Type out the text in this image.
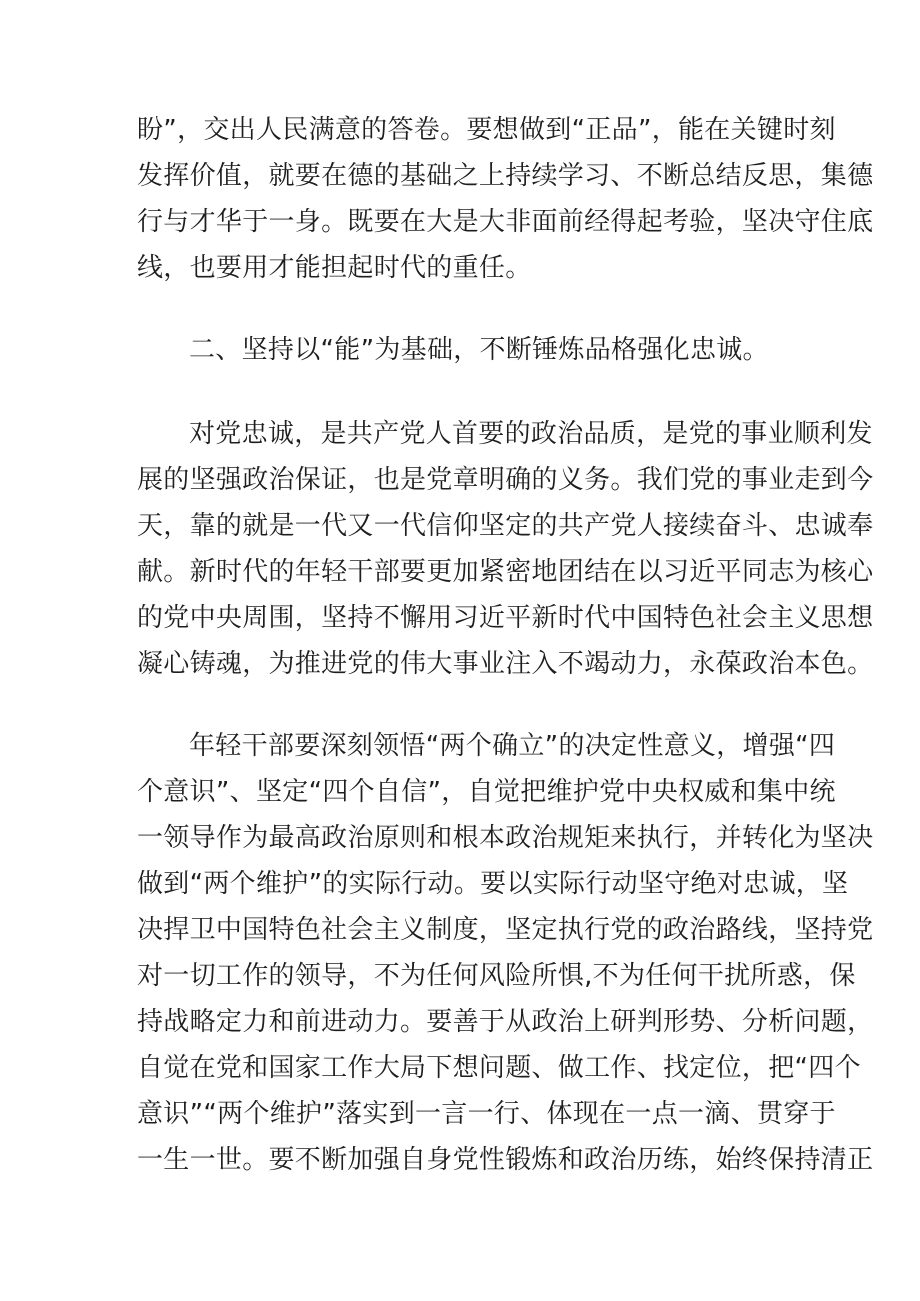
盼”，交出人民满意的答卷。要想做到“正品”，能在关键时刻
发挥价值，就要在德的基础之上持续学习、不断总结反思，集德
行与才华于一身。既要在大是大非面前经得起考验，坚决守住底
线，也要用才能担起时代的重任。
二、坚持以“能”为基础，不断锤炼品格强化忠诚。
对党忠诚，是共产党人首要的政治品质，是党的事业顺利发
展的坚强政治保证，也是党章明确的义务。我们党的事业走到今
天，靠的就是一代又一代信仰坚定的共产党人接续奋斗、忠诚奉
献。新时代的年轻干部要更加紧密地团结在以习近平同志为核心
的党中央周围，坚持不懈用习近平新时代中国特色社会主义思想
凝心铸魂，为推进党的伟大事业注入不竭动力，永葆政治本色。
年轻干部要深刻领悟“两个确立”的决定性意义，增强“四
个意识”、坚定“四个自信”，自觉把维护党中央权威和集中统
一领导作为最高政治原则和根本政治规矩来执行，并转化为坚决
做到“两个维护”的实际行动。要以实际行动坚守绝对忠诚，坚
决捍卫中国特色社会主义制度，坚定执行党的政治路线，坚持党
对一切工作的领导，不为任何风险所惧,不为任何干扰所惑，保
持战略定力和前进动力。要善于从政治上研判形势、分析问题，
自觉在党和国家工作大局下想问题、做工作、找定位，把“四个
意识”“两个维护”落实到一言一行、体现在一点一滴、贯穿于
一生一世。要不断加强自身党性锻炼和政治历练，始终保持清正
